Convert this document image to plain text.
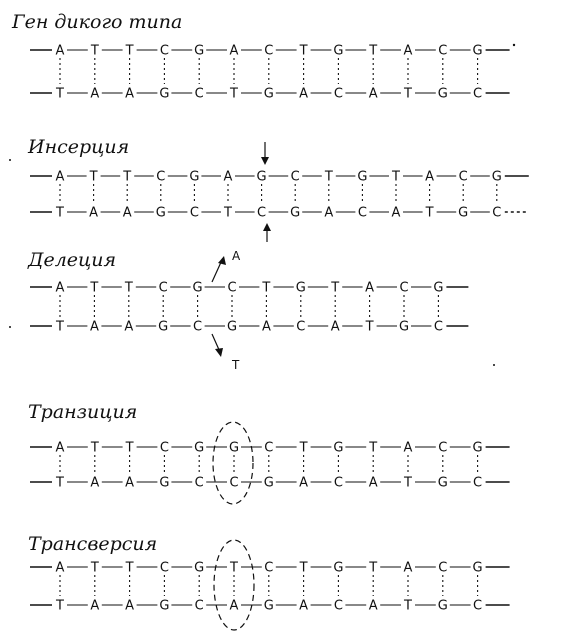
Ген дикого типа
Инсерция
Делеция
Транзиция
Трансверсия
A T T C G A C T G T A C G
T A A G C T G A C A T G C
A T T C G A G C T G T A C G
T A A G C T C G A C A T G C
A T T C G C T G T A C G
T A A G C G A C A T G C
A T T C G G C T G T A C G
T A A G C C G A C A T G C
A T T C G T C T G T A C G
T A A G C A G A C A T G C
A
T
